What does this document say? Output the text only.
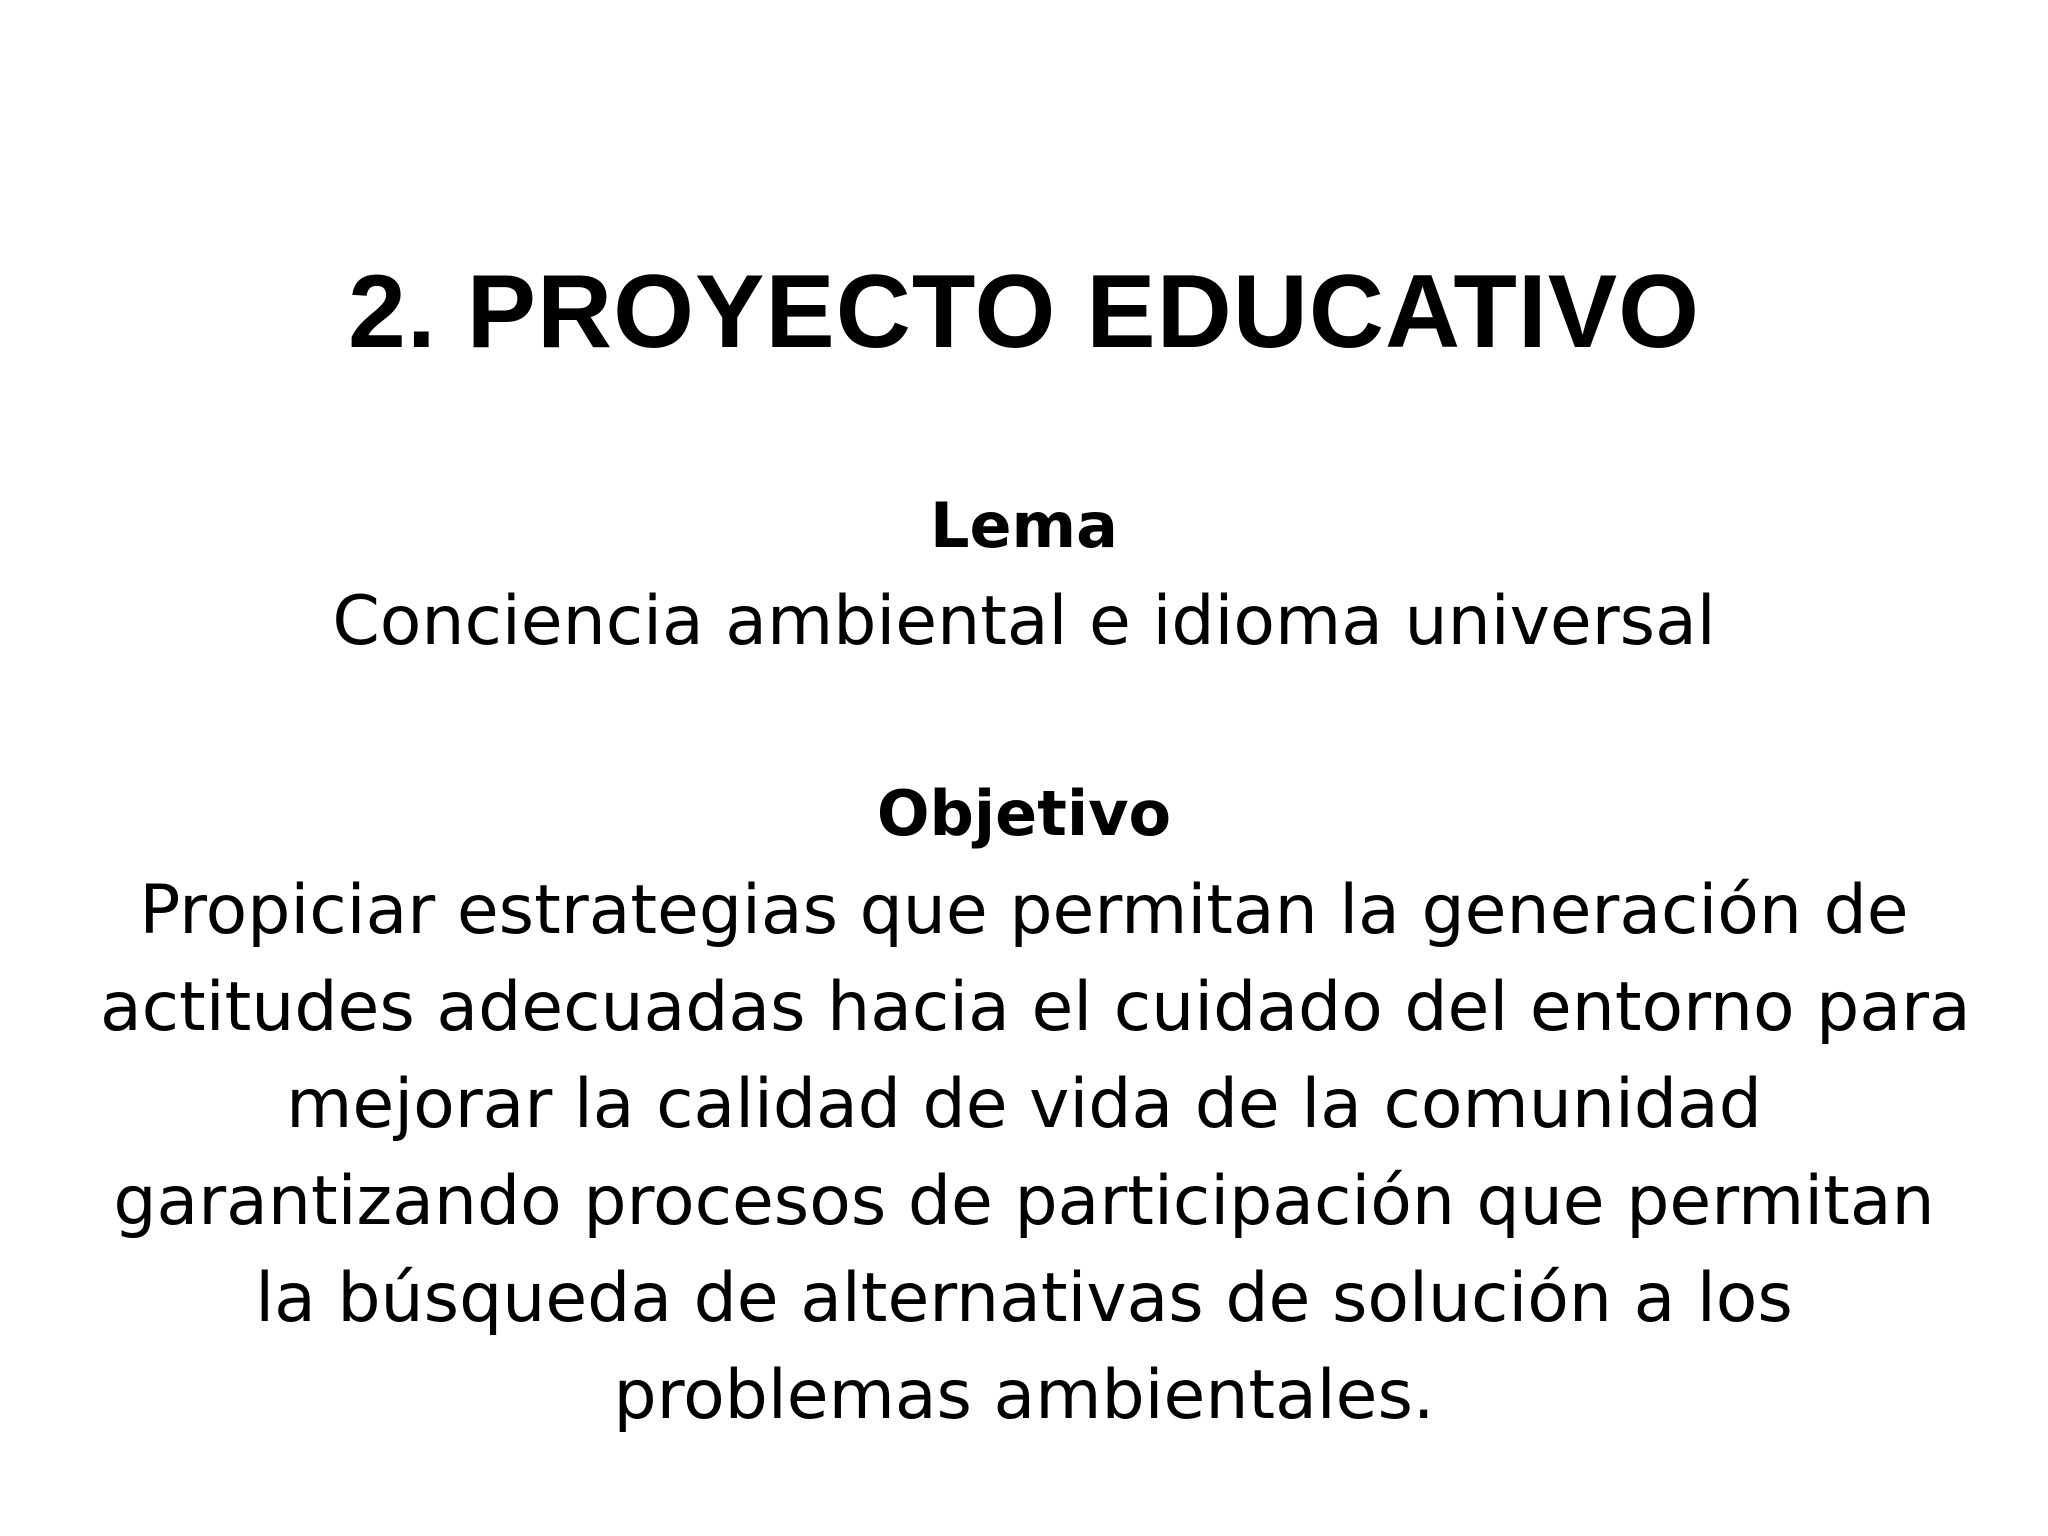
2. PROYECTO EDUCATIVO
Lema
Conciencia ambiental e idioma universal
Objetivo
Propiciar estrategias que permitan la generación de
actitudes adecuadas hacia el cuidado del entorno para
mejorar la calidad de vida de la comunidad
garantizando procesos de participación que permitan
la búsqueda de alternativas de solución a los
problemas ambientales.
